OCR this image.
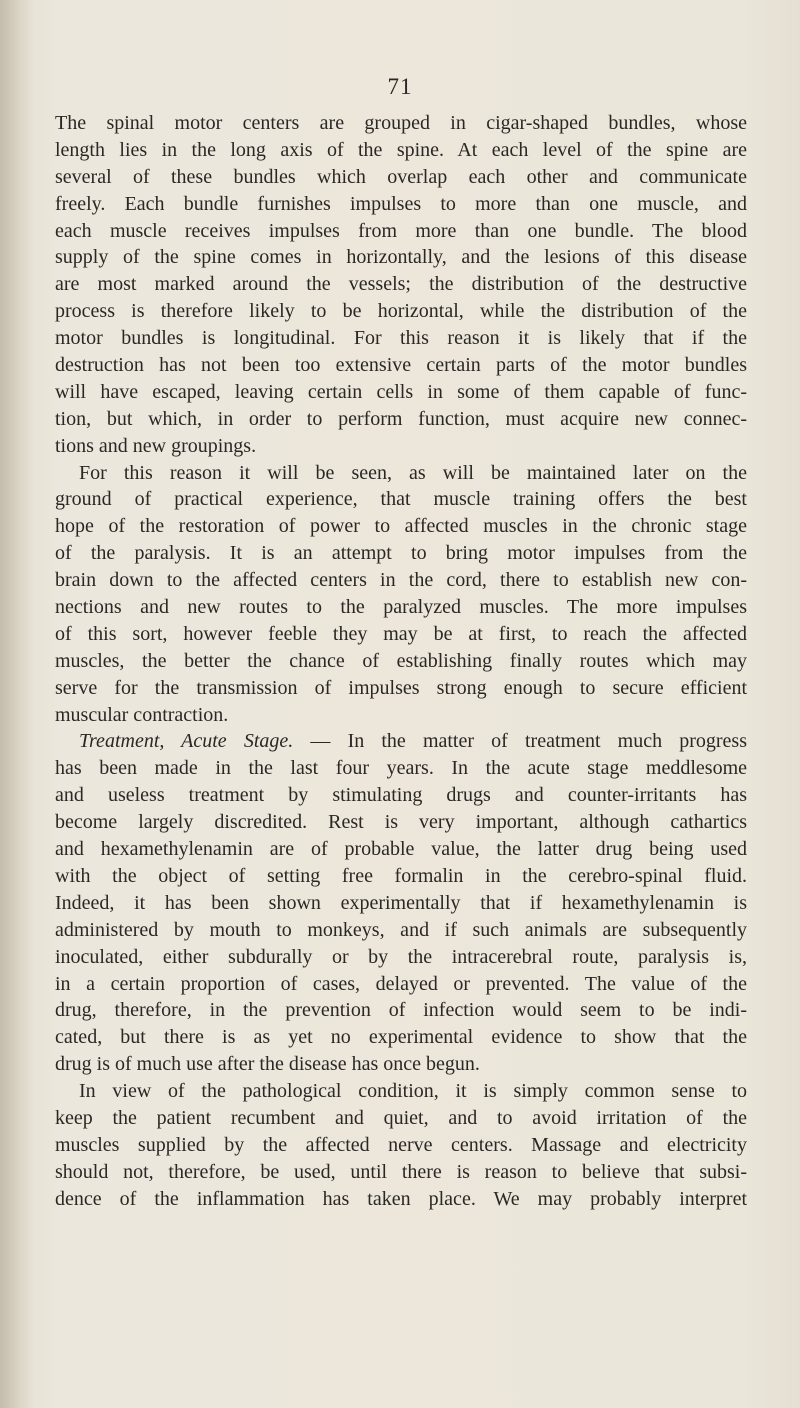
71
The spinal motor centers are grouped in cigar-shaped bundles, whose
length lies in the long axis of the spine. At each level of the spine are
several of these bundles which overlap each other and communicate
freely. Each bundle furnishes impulses to more than one muscle, and
each muscle receives impulses from more than one bundle. The blood
supply of the spine comes in horizontally, and the lesions of this disease
are most marked around the vessels; the distribution of the destructive
process is therefore likely to be horizontal, while the distribution of the
motor bundles is longitudinal. For this reason it is likely that if the
destruction has not been too extensive certain parts of the motor bundles
will have escaped, leaving certain cells in some of them capable of func-
tion, but which, in order to perform function, must acquire new connec-
tions and new groupings.
For this reason it will be seen, as will be maintained later on the
ground of practical experience, that muscle training offers the best
hope of the restoration of power to affected muscles in the chronic stage
of the paralysis. It is an attempt to bring motor impulses from the
brain down to the affected centers in the cord, there to establish new con-
nections and new routes to the paralyzed muscles. The more impulses
of this sort, however feeble they may be at first, to reach the affected
muscles, the better the chance of establishing finally routes which may
serve for the transmission of impulses strong enough to secure efficient
muscular contraction.
Treatment, Acute Stage. — In the matter of treatment much progress
has been made in the last four years. In the acute stage meddlesome
and useless treatment by stimulating drugs and counter-irritants has
become largely discredited. Rest is very important, although cathartics
and hexamethylenamin are of probable value, the latter drug being used
with the object of setting free formalin in the cerebro-spinal fluid.
Indeed, it has been shown experimentally that if hexamethylenamin is
administered by mouth to monkeys, and if such animals are subsequently
inoculated, either subdurally or by the intracerebral route, paralysis is,
in a certain proportion of cases, delayed or prevented. The value of the
drug, therefore, in the prevention of infection would seem to be indi-
cated, but there is as yet no experimental evidence to show that the
drug is of much use after the disease has once begun.
In view of the pathological condition, it is simply common sense to
keep the patient recumbent and quiet, and to avoid irritation of the
muscles supplied by the affected nerve centers. Massage and electricity
should not, therefore, be used, until there is reason to believe that subsi-
dence of the inflammation has taken place. We may probably interpret
